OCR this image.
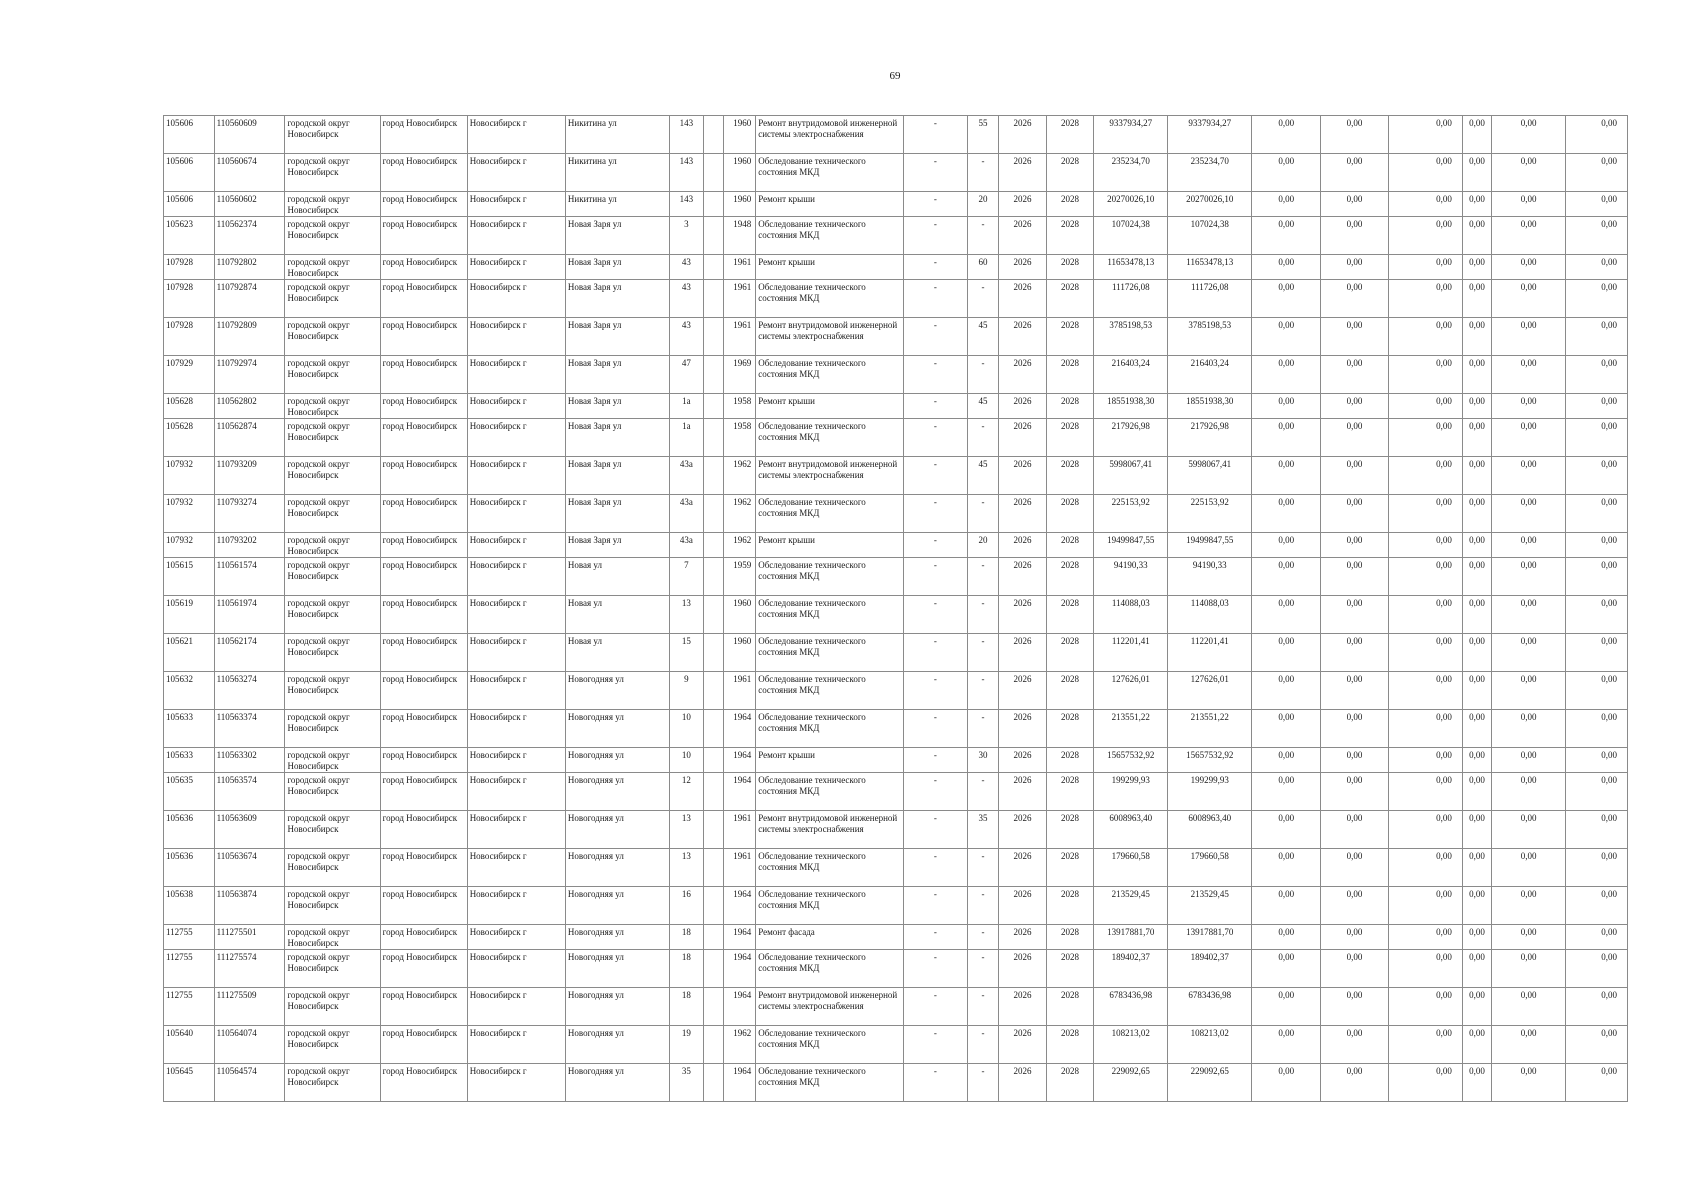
69
105606	110560609	городской округ Новосибирск	город Новосибирск	Новосибирск г	Никитина ул	143		1960	Ремонт внутридомовой инженерной системы электроснабжения	-	55	2026	2028	9337934,27	9337934,27	0,00	0,00	0,00	0,00	0,00	0,00
105606	110560674	городской округ Новосибирск	город Новосибирск	Новосибирск г	Никитина ул	143		1960	Обследование технического состояния МКД	-	-	2026	2028	235234,70	235234,70	0,00	0,00	0,00	0,00	0,00	0,00
105606	110560602	городской округ Новосибирск	город Новосибирск	Новосибирск г	Никитина ул	143		1960	Ремонт крыши	-	20	2026	2028	20270026,10	20270026,10	0,00	0,00	0,00	0,00	0,00	0,00
105623	110562374	городской округ Новосибирск	город Новосибирск	Новосибирск г	Новая Заря ул	3		1948	Обследование технического состояния МКД	-	-	2026	2028	107024,38	107024,38	0,00	0,00	0,00	0,00	0,00	0,00
107928	110792802	городской округ Новосибирск	город Новосибирск	Новосибирск г	Новая Заря ул	43		1961	Ремонт крыши	-	60	2026	2028	11653478,13	11653478,13	0,00	0,00	0,00	0,00	0,00	0,00
107928	110792874	городской округ Новосибирск	город Новосибирск	Новосибирск г	Новая Заря ул	43		1961	Обследование технического состояния МКД	-	-	2026	2028	111726,08	111726,08	0,00	0,00	0,00	0,00	0,00	0,00
107928	110792809	городской округ Новосибирск	город Новосибирск	Новосибирск г	Новая Заря ул	43		1961	Ремонт внутридомовой инженерной системы электроснабжения	-	45	2026	2028	3785198,53	3785198,53	0,00	0,00	0,00	0,00	0,00	0,00
107929	110792974	городской округ Новосибирск	город Новосибирск	Новосибирск г	Новая Заря ул	47		1969	Обследование технического состояния МКД	-	-	2026	2028	216403,24	216403,24	0,00	0,00	0,00	0,00	0,00	0,00
105628	110562802	городской округ Новосибирск	город Новосибирск	Новосибирск г	Новая Заря ул	1а		1958	Ремонт крыши	-	45	2026	2028	18551938,30	18551938,30	0,00	0,00	0,00	0,00	0,00	0,00
105628	110562874	городской округ Новосибирск	город Новосибирск	Новосибирск г	Новая Заря ул	1а		1958	Обследование технического состояния МКД	-	-	2026	2028	217926,98	217926,98	0,00	0,00	0,00	0,00	0,00	0,00
107932	110793209	городской округ Новосибирск	город Новосибирск	Новосибирск г	Новая Заря ул	43а		1962	Ремонт внутридомовой инженерной системы электроснабжения	-	45	2026	2028	5998067,41	5998067,41	0,00	0,00	0,00	0,00	0,00	0,00
107932	110793274	городской округ Новосибирск	город Новосибирск	Новосибирск г	Новая Заря ул	43а		1962	Обследование технического состояния МКД	-	-	2026	2028	225153,92	225153,92	0,00	0,00	0,00	0,00	0,00	0,00
107932	110793202	городской округ Новосибирск	город Новосибирск	Новосибирск г	Новая Заря ул	43а		1962	Ремонт крыши	-	20	2026	2028	19499847,55	19499847,55	0,00	0,00	0,00	0,00	0,00	0,00
105615	110561574	городской округ Новосибирск	город Новосибирск	Новосибирск г	Новая ул	7		1959	Обследование технического состояния МКД	-	-	2026	2028	94190,33	94190,33	0,00	0,00	0,00	0,00	0,00	0,00
105619	110561974	городской округ Новосибирск	город Новосибирск	Новосибирск г	Новая ул	13		1960	Обследование технического состояния МКД	-	-	2026	2028	114088,03	114088,03	0,00	0,00	0,00	0,00	0,00	0,00
105621	110562174	городской округ Новосибирск	город Новосибирск	Новосибирск г	Новая ул	15		1960	Обследование технического состояния МКД	-	-	2026	2028	112201,41	112201,41	0,00	0,00	0,00	0,00	0,00	0,00
105632	110563274	городской округ Новосибирск	город Новосибирск	Новосибирск г	Новогодняя ул	9		1961	Обследование технического состояния МКД	-	-	2026	2028	127626,01	127626,01	0,00	0,00	0,00	0,00	0,00	0,00
105633	110563374	городской округ Новосибирск	город Новосибирск	Новосибирск г	Новогодняя ул	10		1964	Обследование технического состояния МКД	-	-	2026	2028	213551,22	213551,22	0,00	0,00	0,00	0,00	0,00	0,00
105633	110563302	городской округ Новосибирск	город Новосибирск	Новосибирск г	Новогодняя ул	10		1964	Ремонт крыши	-	30	2026	2028	15657532,92	15657532,92	0,00	0,00	0,00	0,00	0,00	0,00
105635	110563574	городской округ Новосибирск	город Новосибирск	Новосибирск г	Новогодняя ул	12		1964	Обследование технического состояния МКД	-	-	2026	2028	199299,93	199299,93	0,00	0,00	0,00	0,00	0,00	0,00
105636	110563609	городской округ Новосибирск	город Новосибирск	Новосибирск г	Новогодняя ул	13		1961	Ремонт внутридомовой инженерной системы электроснабжения	-	35	2026	2028	6008963,40	6008963,40	0,00	0,00	0,00	0,00	0,00	0,00
105636	110563674	городской округ Новосибирск	город Новосибирск	Новосибирск г	Новогодняя ул	13		1961	Обследование технического состояния МКД	-	-	2026	2028	179660,58	179660,58	0,00	0,00	0,00	0,00	0,00	0,00
105638	110563874	городской округ Новосибирск	город Новосибирск	Новосибирск г	Новогодняя ул	16		1964	Обследование технического состояния МКД	-	-	2026	2028	213529,45	213529,45	0,00	0,00	0,00	0,00	0,00	0,00
112755	111275501	городской округ Новосибирск	город Новосибирск	Новосибирск г	Новогодняя ул	18		1964	Ремонт фасада	-	-	2026	2028	13917881,70	13917881,70	0,00	0,00	0,00	0,00	0,00	0,00
112755	111275574	городской округ Новосибирск	город Новосибирск	Новосибирск г	Новогодняя ул	18		1964	Обследование технического состояния МКД	-	-	2026	2028	189402,37	189402,37	0,00	0,00	0,00	0,00	0,00	0,00
112755	111275509	городской округ Новосибирск	город Новосибирск	Новосибирск г	Новогодняя ул	18		1964	Ремонт внутридомовой инженерной системы электроснабжения	-	-	2026	2028	6783436,98	6783436,98	0,00	0,00	0,00	0,00	0,00	0,00
105640	110564074	городской округ Новосибирск	город Новосибирск	Новосибирск г	Новогодняя ул	19		1962	Обследование технического состояния МКД	-	-	2026	2028	108213,02	108213,02	0,00	0,00	0,00	0,00	0,00	0,00
105645	110564574	городской округ Новосибирск	город Новосибирск	Новосибирск г	Новогодняя ул	35		1964	Обследование технического состояния МКД	-	-	2026	2028	229092,65	229092,65	0,00	0,00	0,00	0,00	0,00	0,00
